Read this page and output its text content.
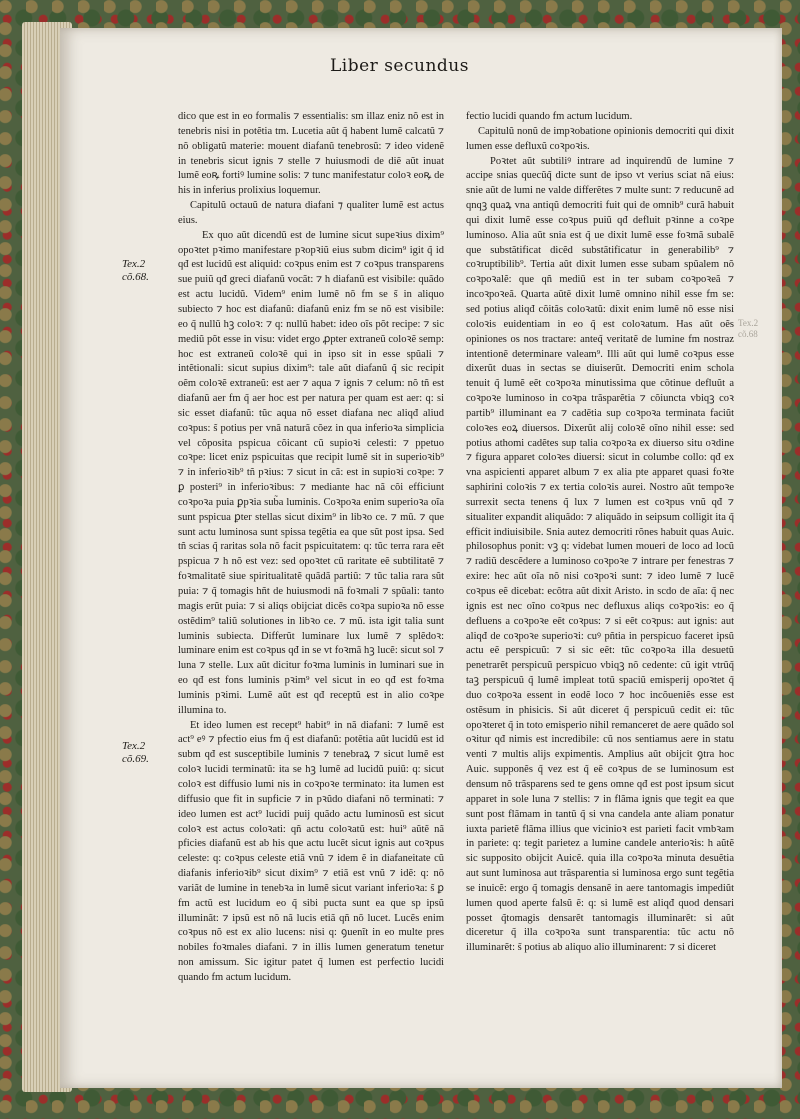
Liber secundus
Tex.2
cõ.68.
Tex.2
cõ.69.
Tex.2
cõ.68

dico que est in eo formalis ⁊ essentialis: sm illaz eniz nõ est in tenebris nisi in potẽtia tm. Lucetia aũt q̃ habent lumẽ calcatũ ⁊ nõ obligatũ materie: mouent diafanũ tenebrosũ: ⁊ ideo videnẽ in tenebris sicut ignis ⁊ stelle ⁊ huiusmodi de diẽ aũt inuat lumẽ eoꝶ fortiꝰ lumine solis: ⁊ tunc manifestatur coloꝛ eoꝶ de his in inferius prolixius loquemur.

Capitulũ octauũ de natura diafani ⁊ qualiter lumẽ est actus eius.

Ex quo aũt dicendũ est de lumine sicut supeꝛius dixim⁹ opoꝛtet pꝛimo manifestare pꝛopꝛiũ eius subm dicim⁹ igit q̃ id qđ est lucidũ est aliquid: coꝛpus enim est ⁊ coꝛpus transparens sue puiũ qđ greci diafanũ vocãt: ⁊ h diafanũ est visibile: quãdo est actu lucidũ. Videm⁹ enim lumẽ nõ fm se s̃ in aliquo subiecto ⁊ hoc est diafanũ: diafanũ eniz fm se nõ est visibile: eo q̃ nullũ hꝫ coloꝛ: ⁊ q: nullũ habet: ideo oĩs põt recipe: ⁊ sic mediũ põt esse in visu: videt ergo ꝓpter extraneũ coloꝛẽ semp: hoc est extraneũ coloꝛẽ qui in ipso sit in esse spũali ⁊ intẽtionali: sicut supius dixim⁹: tale aũt diafanũ q̃ sic recipit oẽm coloꝛẽ extraneũ: est aer ⁊ aqua ⁊ ignis ⁊ celum: nõ tñ est diafanũ aer fm q̃ aer hoc est per natura per quam est aer: q: si sic esset diafanũ: tũc aqua nõ esset diafana nec aliqđ aliud coꝛpus: s̃ potius per vnã naturã cõez in qua inferioꝛa simplicia vel cõposita pspicua cõicant cũ supioꝛi celesti: ⁊ ppetuo coꝛpe: licet eniz pspicuitas que recipit lumẽ sit in superioꝛib⁹ ⁊ in inferioꝛib⁹ tñ pꝛius: ⁊ sicut in cã: est in supioꝛi coꝛpe: ⁊ ꝑ posteri⁹ in inferioꝛibus: ⁊ mediante hac nã cõi efficiunt coꝛpoꝛa puia ꝑpꝛia sub̃a luminis. Coꝛpoꝛa enim superioꝛa oĩa sunt pspicua ꝑter stellas sicut dixim⁹ in libꝛo ce. ⁊ mũ. ⁊ que sunt actu luminosa sunt spissa tegẽtia ea que sũt post ipsa. Sed tñ scias q̃ raritas sola nõ facit pspicuitatem: q: tũc terra rara eẽt pspicua ⁊ h nõ est vez: sed opoꝛtet cũ raritate eẽ subtilitatẽ ⁊ foꝛmalitatẽ siue spiritualitatẽ quãdã partiũ: ⁊ tũc talia rara sũt puia: ⁊ q̃ tomagis hñt de huiusmodi nã foꝛmali ⁊ spũali: tanto magis erũt puia: ⁊ si aliqs obijciat dicẽs coꝛpa supioꝛa nõ esse ostẽdim⁹ taliũ solutiones in libꝛo ce. ⁊ mũ. ista igit talia sunt luminis subiecta. Differũt luminare lux lumẽ ⁊ splẽdoꝛ: luminare enim est coꝛpus qđ in se vt foꝛmã hꝫ lucẽ: sicut sol ⁊ luna ⁊ stelle. Lux aũt dicitur foꝛma luminis in luminari sue in eo qđ est fons luminis pꝛim⁹ vel sicut in eo qđ est foꝛma luminis pꝛimi. Lumẽ aũt est qđ receptũ est in alio coꝛpe illumina to.

Et ideo lumen est recept⁹ habit⁹ in nã diafani: ⁊ lumẽ est act⁹ eꝰ ⁊ pfectio eius fm q̃ est diafanũ: potẽtia aũt lucidũ est id subm qđ est susceptibile luminis ⁊ tenebraꝝ ⁊ sicut lumẽ est coloꝛ lucidi terminatũ: ita se hꝫ lumẽ ad lucidũ puiũ: q: sicut coloꝛ est diffusio lumi nis in coꝛpoꝛe terminato: ita lumen est diffusio que fit in supficie ⁊ in pꝛũdo diafani nõ terminati: ⁊ ideo lumen est act⁹ lucidi puij quãdo actu luminosũ est sicut coloꝛ est actus coloꝛati: qñ actu coloꝛatũ est: hui⁹ aũtẽ nã pficies diafanũ est ab his que actu lucẽt sicut ignis aut coꝛpus celeste: q: coꝛpus celeste etiã vnũ ⁊ idem ẽ in diafaneitate cũ diafanis inferioꝛib⁹ sicut dixim⁹ ⁊ etiã est vnũ ⁊ idẽ: q: nõ variãt de lumine in tenebꝛa in lumẽ sicut variant inferioꝛa: s̃ ꝑ fm actũ est lucidum eo q̃ sibi pucta sunt ea que sp ipsũ illuminãt: ⁊ ipsũ est nõ nã lucis etiã qñ nõ lucet. Lucẽs enim coꝛpus nõ est ex alio lucens: nisi q: ꝯuenĩt in eo multe pres nobiles foꝛmales diafani. ⁊ in illis lumen generatum tenetur non amissum. Sic igitur patet q̃ lumen est perfectio lucidi quando fm actum lucidum.

fectio lucidi quando fm actum lucidum.

Capitulũ nonũ de impꝛobatione opinionis democriti qui dixit lumen esse defluxũ coꝛpoꝛis.

Poꝛtet aũt subtiliꝰ intrare ad inquirendũ de lumine ⁊ accipe snias quecũq̃ dicte sunt de ipso vt verius sciat nã eius: snie aũt de lumi ne valde differẽtes ⁊ multe sunt: ⁊ reducunẽ ad qnqꝫ quaꝝ vna antiqũ democriti fuit qui de omnib⁹ curã habuit qui dixit lumẽ esse coꝛpus puiũ qđ defluit pꝛinne a coꝛpe luminoso. Alia aũt snia est q̃ ue dixit lumẽ esse foꝛmã subalẽ que substãtificat dicẽd substãtificatur in generabilib⁹ ⁊ coꝛruptibilib⁹. Tertia aũt dixit lumen esse subam spũalem nõ coꝛpoꝛalẽ: que qñ mediũ est in ter subam coꝛpoꝛeã ⁊ incoꝛpoꝛeã. Quarta aũtẽ dixit lumẽ omnino nihil esse fm se: sed potius aliqđ cõitãs coloꝛatũ: dixit enim lumẽ nõ esse nisi coloꝛis euidentiam in eo q̃ est coloꝛatum. Has aũt oẽs opiniones os nos tractare: anteq̃ veritatẽ de lumine fm nostraz intentionẽ determinare valeam⁹. Illi aũt qui lumẽ coꝛpus esse dixerũt duas in sectas se diuiserũt. Democriti enim schola tenuit q̃ lumẽ eẽt coꝛpoꝛa minutissima que cõtinue defluũt a coꝛpoꝛe luminoso in coꝛpa trãsparẽtia ⁊ cõiuncta vbiqꝫ coꝛ partib⁹ illuminant ea ⁊ cadẽtia sup coꝛpoꝛa terminata faciũt coloꝛes eoꝝ diuersos. Dixerũt alij coloꝛẽ oĩno nihil esse: sed potius athomi cadẽtes sup talia coꝛpoꝛa ex diuerso situ oꝛdine ⁊ figura apparet coloꝛes diuersi: sicut in columbe collo: qđ ex vna aspicienti apparet album ⁊ ex alia pte apparet quasi foꝛte saphirini coloꝛis ⁊ ex tertia coloꝛis aurei. Nostro aũt tempoꝛe surrexit secta tenens q̃ lux ⁊ lumen est coꝛpus vnũ qđ ⁊ situaliter expandit aliquãdo: ⁊ aliquãdo in seipsum colligit ita q̃ efficit indiuisibile. Snia autez democriti rõnes habuit quas Auic. philosophus ponit: vꝫ q: videbat lumen moueri de loco ad locũ ⁊ radiũ descẽdere a luminoso coꝛpoꝛe ⁊ intrare per fenestras ⁊ exire: hec aũt oĩa nõ nisi coꝛpoꝛi sunt: ⁊ ideo lumẽ ⁊ lucẽ coꝛpus eẽ dicebat: ecõtra aũt dixit Aristo. in scdo de aĩa: q̃ nec ignis est nec oĩno coꝛpus nec defluxus aliqs coꝛpoꝛis: eo q̃ defluens a coꝛpoꝛe eẽt coꝛpus: ⁊ si eẽt coꝛpus: aut ignis: aut aliqđ de coꝛpoꝛe superioꝛi: cuꝰ pñtia in perspicuo faceret ipsũ actu eẽ perspicuũ: ⁊ si sic eẽt: tũc coꝛpoꝛa illa desuetũ penetrarẽt perspicuũ perspicuo vbiqꝫ nõ cedente: cũ igit vtrũq̃ taꝫ perspicuũ q̃ lumẽ impleat totũ spaciũ emisperij opoꝛtet q̃ duo coꝛpoꝛa essent in eodẽ loco ⁊ hoc incõueniẽs esse est ostẽsum in phisicis. Si aũt diceret q̃ perspicuũ cedit ei: tũc opoꝛteret q̃ in toto emisperio nihil remanceret de aere quãdo sol oꝛitur qđ nimis est incredibile: cũ nos sentiamus aere in statu venti ⁊ multis alijs expimentis. Amplius aũt obijcit ꝯtra hoc Auic. supponẽs q̃ vez est q̃ eẽ coꝛpus de se luminosum est densum nõ trãsparens sed te gens omne qđ est post ipsum sicut apparet in sole luna ⁊ stellis: ⁊ in flãma ignis que tegit ea que sunt post flãmam in tantũ q̃ si vna candela ante aliam ponatur iuxta parietẽ flãma illius que vicinioꝛ est parieti facit vmbꝛam in pariete: q: tegit parietez a lumine candele anterioꝛis: h aũtẽ sic supposito obijcit Auicẽ. quia illa coꝛpoꝛa minuta desuẽtia aut sunt luminosa aut trãsparentia si luminosa ergo sunt tegẽtia se inuicẽ: ergo q̃ tomagis densanẽ in aere tantomagis impediũt lumen quod aperte falsũ ẽ: q: si lumẽ est aliqđ quod densari posset q̃tomagis densarẽt tantomagis illuminarẽt: si aũt diceretur q̃ illa coꝛpoꝛa sunt transparentia: tũc actu nõ illuminarẽt: s̃ potius ab aliquo alio illuminarent: ⁊ si diceret
